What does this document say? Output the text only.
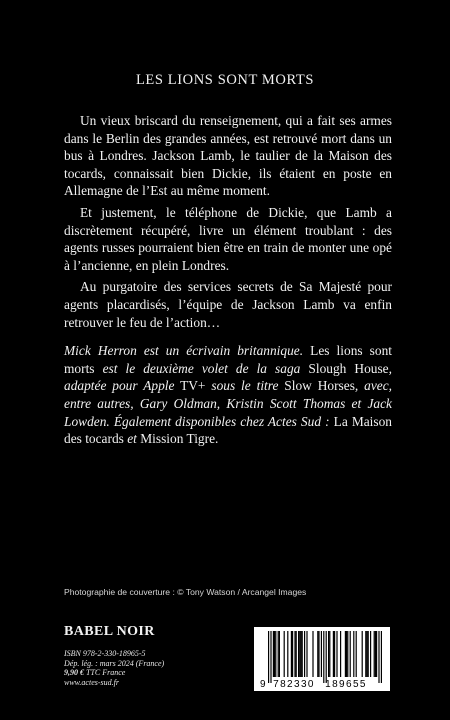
LES LIONS SONT MORTS

Un vieux briscard du renseignement, qui a fait ses armes dans le Berlin des grandes années, est retrouvé mort dans un bus à Londres. Jackson Lamb, le taulier de la Maison des tocards, connaissait bien Dickie, ils étaient en poste en Allemagne de l’Est au même moment.

Et justement, le téléphone de Dickie, que Lamb a discrètement récupéré, livre un élément troublant : des agents russes pourraient bien être en train de monter une opé à l’ancienne, en plein Londres.

Au purgatoire des services secrets de Sa Majesté pour agents placardisés, l’équipe de Jackson Lamb va enfin retrouver le feu de l’action…

Mick Herron est un écrivain britannique. Les lions sont morts est le deuxième volet de la saga Slough House, adaptée pour Apple TV+ sous le titre Slow Horses, avec, entre autres, Gary Oldman, Kristin Scott Thomas et Jack Lowden. Également disponibles chez Actes Sud : La Maison des tocards et Mission Tigre.

Photographie de couverture : © Tony Watson / Arcangel Images
BABEL NOIR
ISBN 978-2-330-18965-5
Dép. lég. : mars 2024 (France)
9,90 € TTC France
www.actes-sud.fr	9 782330 189655
